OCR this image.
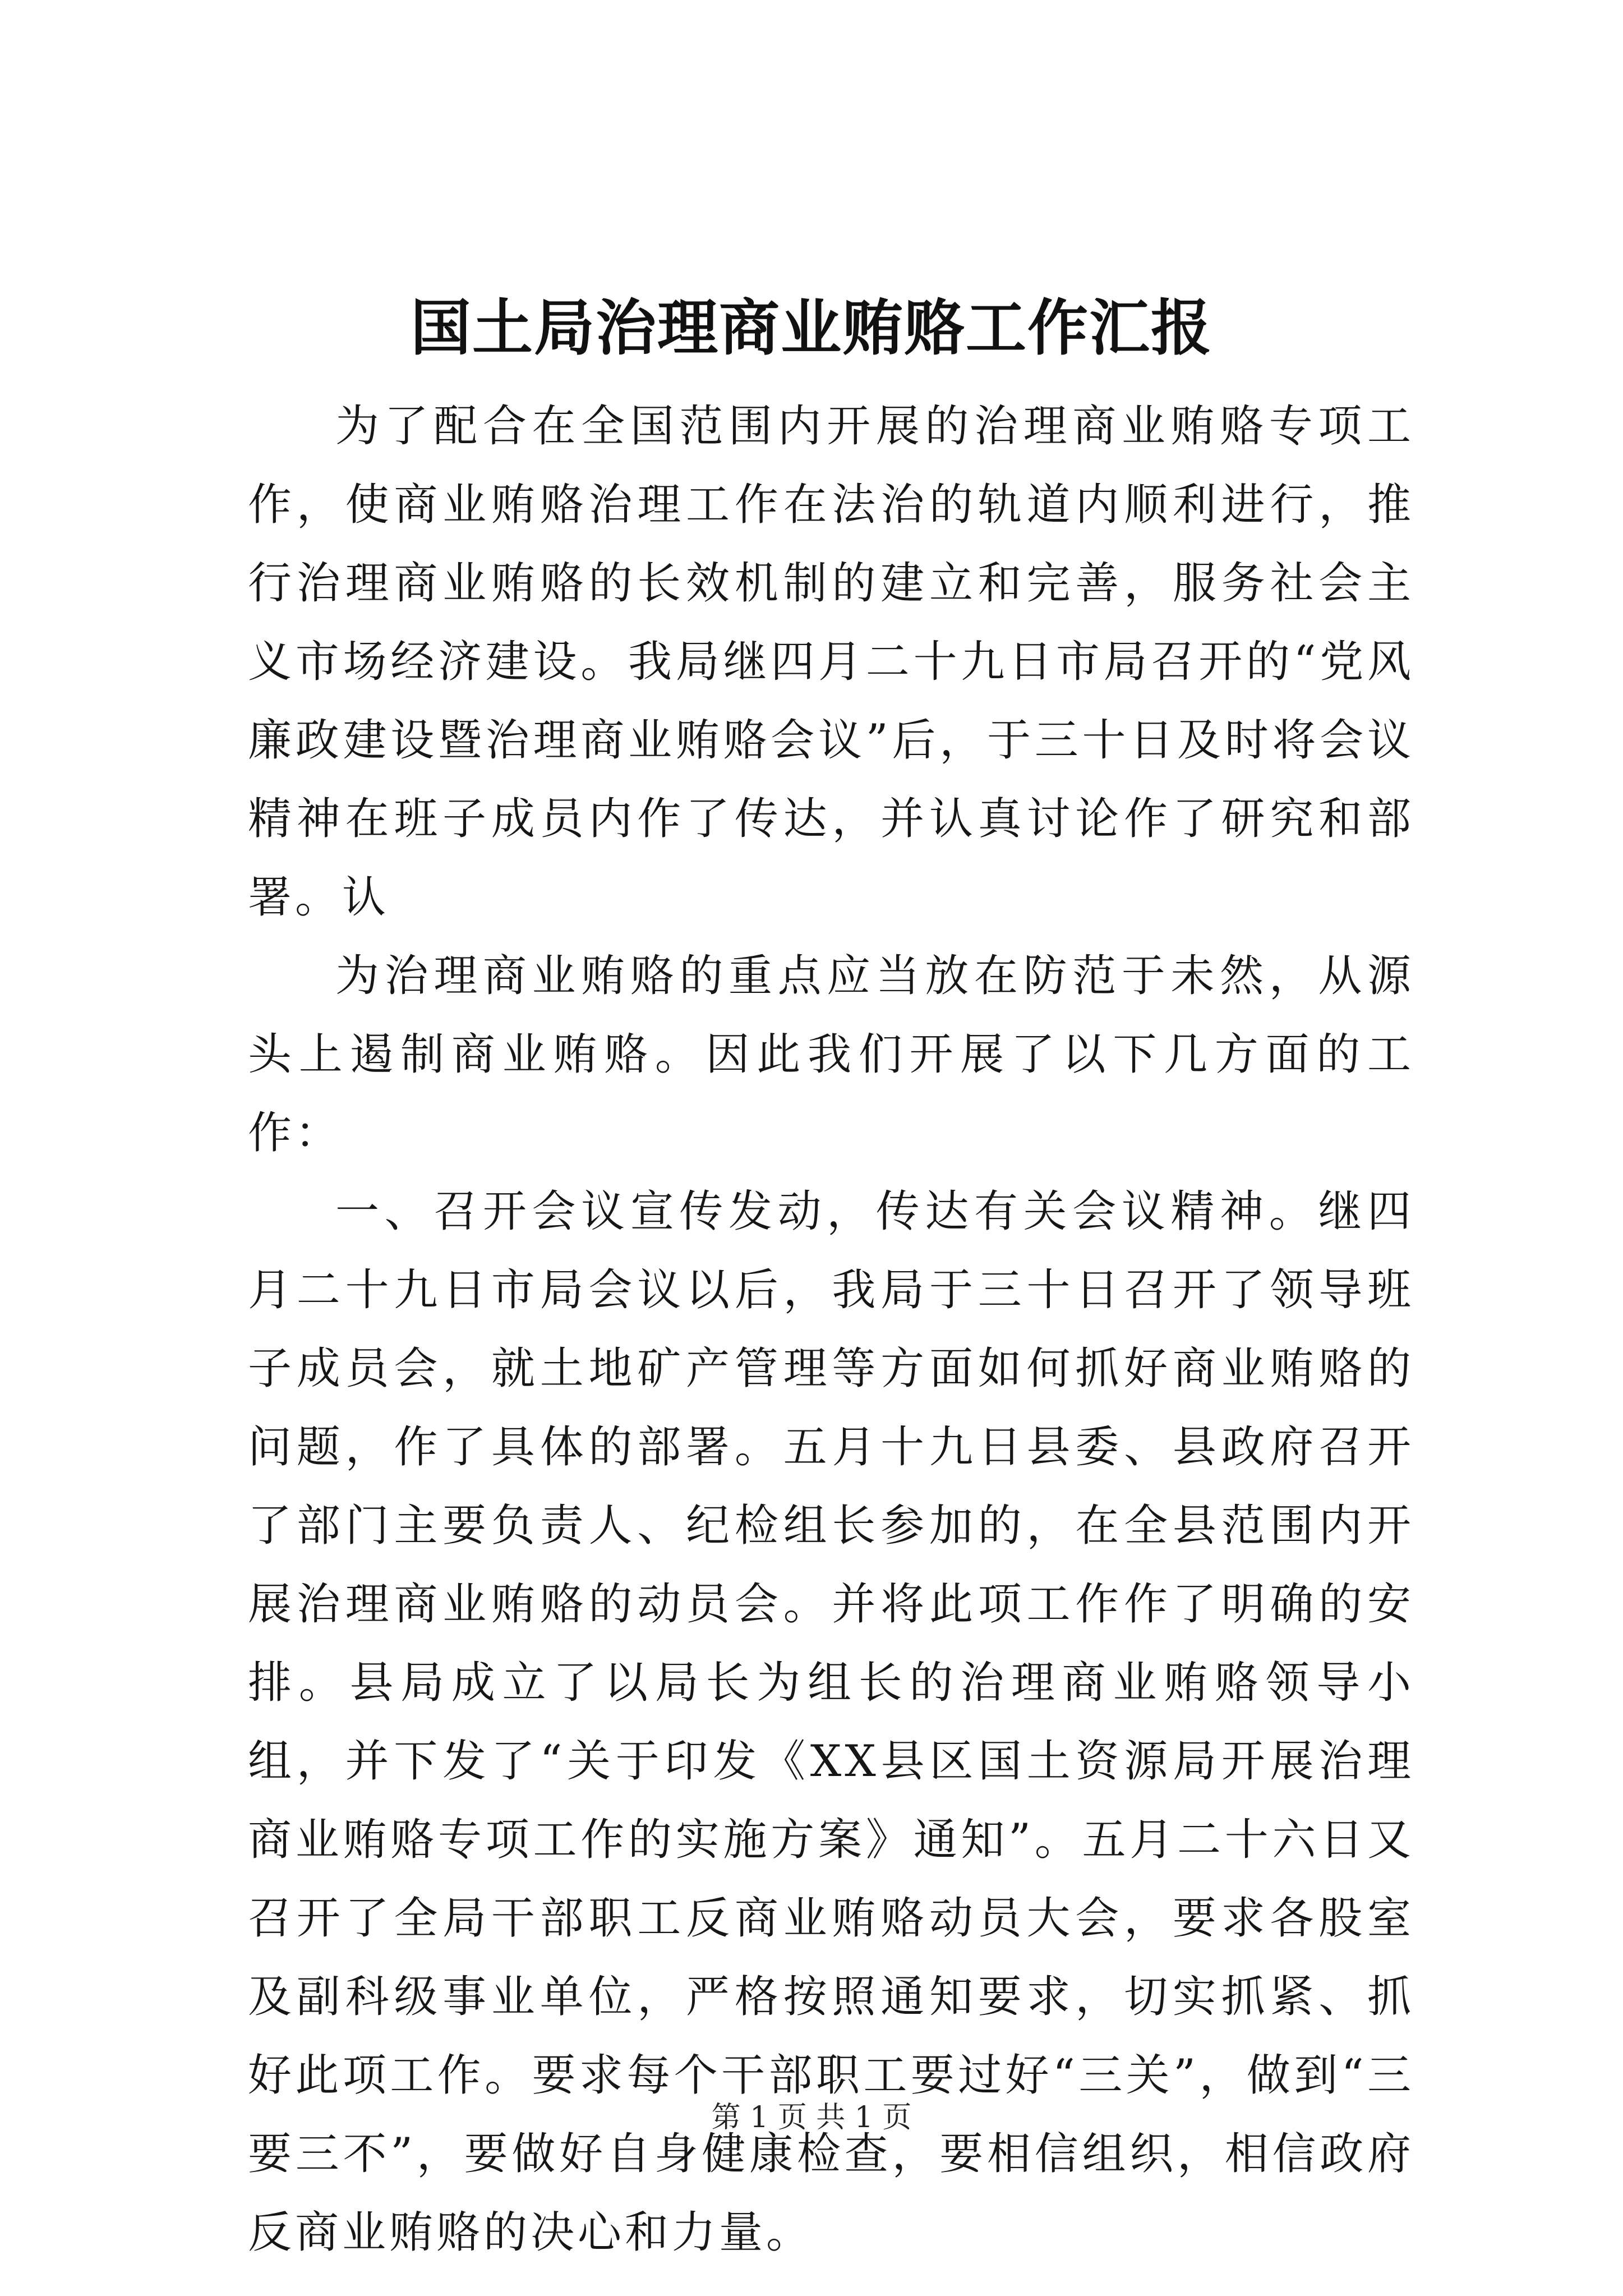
国土局治理商业贿赂工作汇报

为了配合在全国范围内开展的治理商业贿赂专项工作，使商业贿赂治理工作在法治的轨道内顺利进行，推行治理商业贿赂的长效机制的建立和完善，服务社会主义市场经济建设。我局继四月二十九日市局召开的“党风廉政建设暨治理商业贿赂会议”后，于三十日及时将会议精神在班子成员内作了传达，并认真讨论作了研究和部署。认

为治理商业贿赂的重点应当放在防范于未然，从源头上遏制商业贿赂。因此我们开展了以下几方面的工作：

一、召开会议宣传发动，传达有关会议精神。继四月二十九日市局会议以后，我局于三十日召开了领导班子成员会，就土地矿产管理等方面如何抓好商业贿赂的问题，作了具体的部署。五月十九日县委、县政府召开了部门主要负责人、纪检组长参加的，在全县范围内开展治理商业贿赂的动员会。并将此项工作作了明确的安排。县局成立了以局长为组长的治理商业贿赂领导小组，并下发了“关于印发《XX县区国土资源局开展治理商业贿赂专项工作的实施方案》通知”。五月二十六日又召开了全局干部职工反商业贿赂动员大会，要求各股室及副科级事业单位，严格按照通知要求，切实抓紧、抓好此项工作。要求每个干部职工要过好“三关”，做到“三要三不”，要做好自身健康检查，要相信组织，相信政府反商业贿赂的决心和力量。

第 1 页 共 1 页
